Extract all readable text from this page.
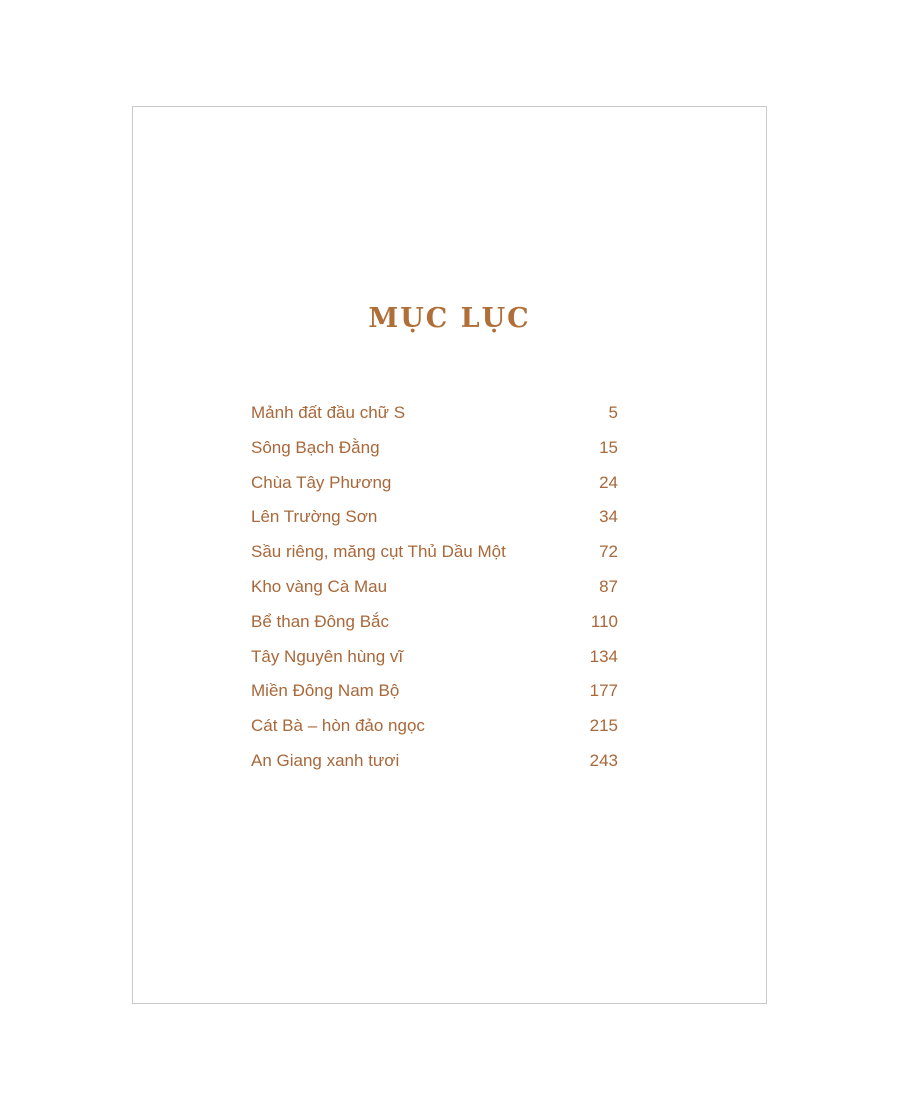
MỤC LỤC
Mảnh đất đầu chữ S	5
Sông Bạch Đằng	15
Chùa Tây Phương	24
Lên Trường Sơn	34
Sầu riêng, măng cụt Thủ Dầu Một	72
Kho vàng Cà Mau	87
Bể than Đông Bắc	110
Tây Nguyên hùng vĩ	134
Miền Đông Nam Bộ	177
Cát Bà – hòn đảo ngọc	215
An Giang xanh tươi	243
